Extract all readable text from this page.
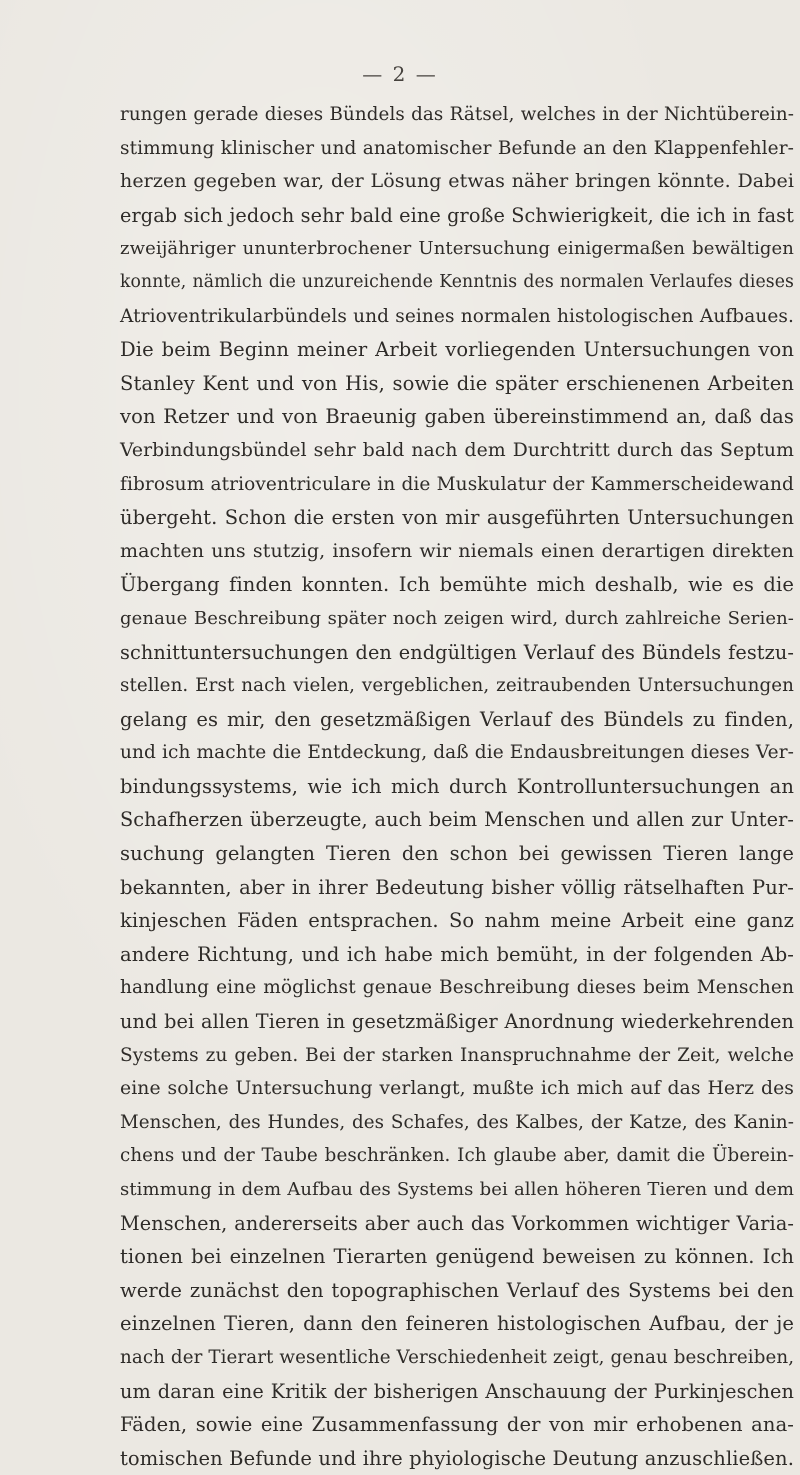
— 2 —
rungen gerade dieses Bündels das Rätsel, welches in der Nichtüberein-
stimmung klinischer und anatomischer Befunde an den Klappenfehler-
herzen gegeben war, der Lösung etwas näher bringen könnte. Dabei
ergab sich jedoch sehr bald eine große Schwierigkeit, die ich in fast
zweijähriger ununterbrochener Untersuchung einigermaßen bewältigen
konnte, nämlich die unzureichende Kenntnis des normalen Verlaufes dieses
Atrioventrikularbündels und seines normalen histologischen Aufbaues.
Die beim Beginn meiner Arbeit vorliegenden Untersuchungen von
Stanley Kent und von His, sowie die später erschienenen Arbeiten
von Retzer und von Braeunig gaben übereinstimmend an, daß das
Verbindungsbündel sehr bald nach dem Durchtritt durch das Septum
fibrosum atrioventriculare in die Muskulatur der Kammerscheidewand
übergeht. Schon die ersten von mir ausgeführten Untersuchungen
machten uns stutzig, insofern wir niemals einen derartigen direkten
Übergang finden konnten. Ich bemühte mich deshalb, wie es die
genaue Beschreibung später noch zeigen wird, durch zahlreiche Serien-
schnittuntersuchungen den endgültigen Verlauf des Bündels festzu-
stellen. Erst nach vielen, vergeblichen, zeitraubenden Untersuchungen
gelang es mir, den gesetzmäßigen Verlauf des Bündels zu finden,
und ich machte die Entdeckung, daß die Endausbreitungen dieses Ver-
bindungssystems, wie ich mich durch Kontrolluntersuchungen an
Schafherzen überzeugte, auch beim Menschen und allen zur Unter-
suchung gelangten Tieren den schon bei gewissen Tieren lange
bekannten, aber in ihrer Bedeutung bisher völlig rätselhaften Pur-
kinjeschen Fäden entsprachen. So nahm meine Arbeit eine ganz
andere Richtung, und ich habe mich bemüht, in der folgenden Ab-
handlung eine möglichst genaue Beschreibung dieses beim Menschen
und bei allen Tieren in gesetzmäßiger Anordnung wiederkehrenden
Systems zu geben. Bei der starken Inanspruchnahme der Zeit, welche
eine solche Untersuchung verlangt, mußte ich mich auf das Herz des
Menschen, des Hundes, des Schafes, des Kalbes, der Katze, des Kanin-
chens und der Taube beschränken. Ich glaube aber, damit die Überein-
stimmung in dem Aufbau des Systems bei allen höheren Tieren und dem
Menschen, andererseits aber auch das Vorkommen wichtiger Varia-
tionen bei einzelnen Tierarten genügend beweisen zu können. Ich
werde zunächst den topographischen Verlauf des Systems bei den
einzelnen Tieren, dann den feineren histologischen Aufbau, der je
nach der Tierart wesentliche Verschiedenheit zeigt, genau beschreiben,
um daran eine Kritik der bisherigen Anschauung der Purkinjeschen
Fäden, sowie eine Zusammenfassung der von mir erhobenen ana-
tomischen Befunde und ihre phyiologische Deutung anzuschließen.
